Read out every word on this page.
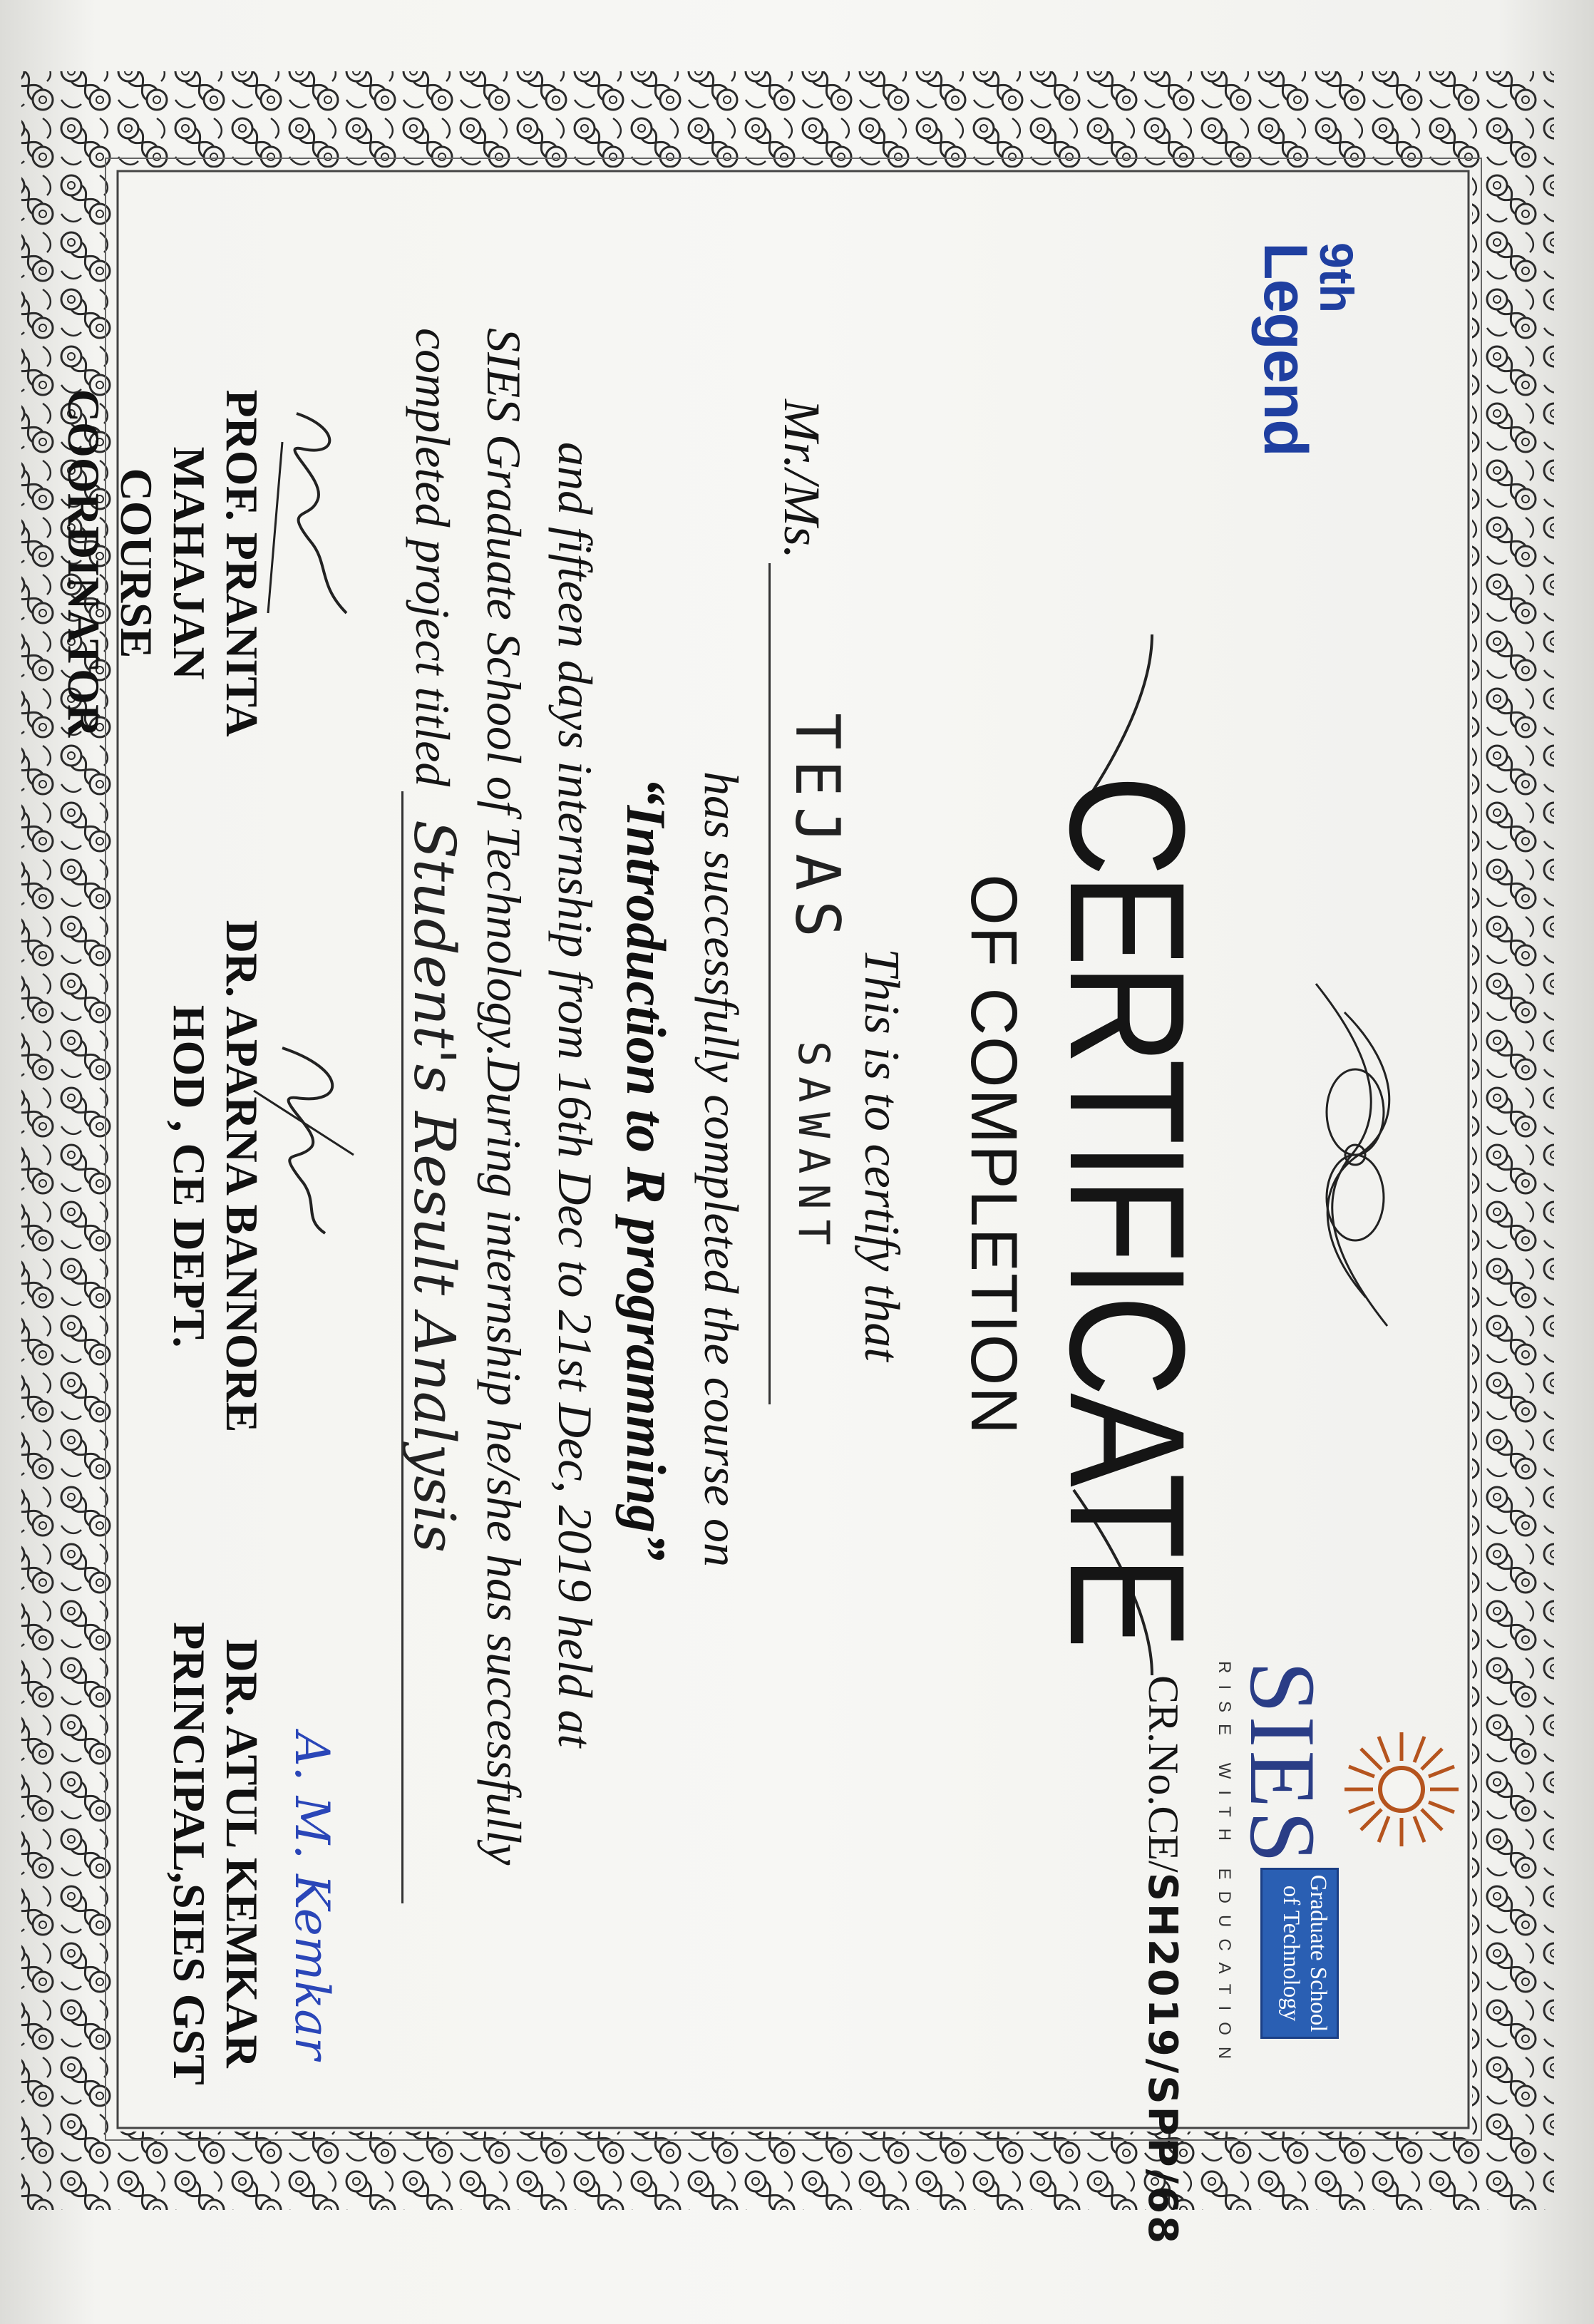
9th
Legend
CERTIFICATE
OF COMPLETION
This is to certify that
Mr./Ms.
TEJAS
SAWANT
has successfully completed the course on
“Introduction to R programming”
and fifteen days internship from 16th Dec to 21st Dec, 2019 held at
SIES Graduate School of Technology.During internship he/she has successfully
completed project titled
Student's Result Analysis
A. M. Kemkar
PROF. PRANITA MAHAJAN
COURSE COORDINATOR
DR. APARNA BANNORE
HOD , CE DEPT.
DR. ATUL KEMKAR
PRINCIPAL,SIES GST	SIES
RISE WITH EDUCATION	Graduate School of Technology
CR.No.CE/SH2019/SPP/68
